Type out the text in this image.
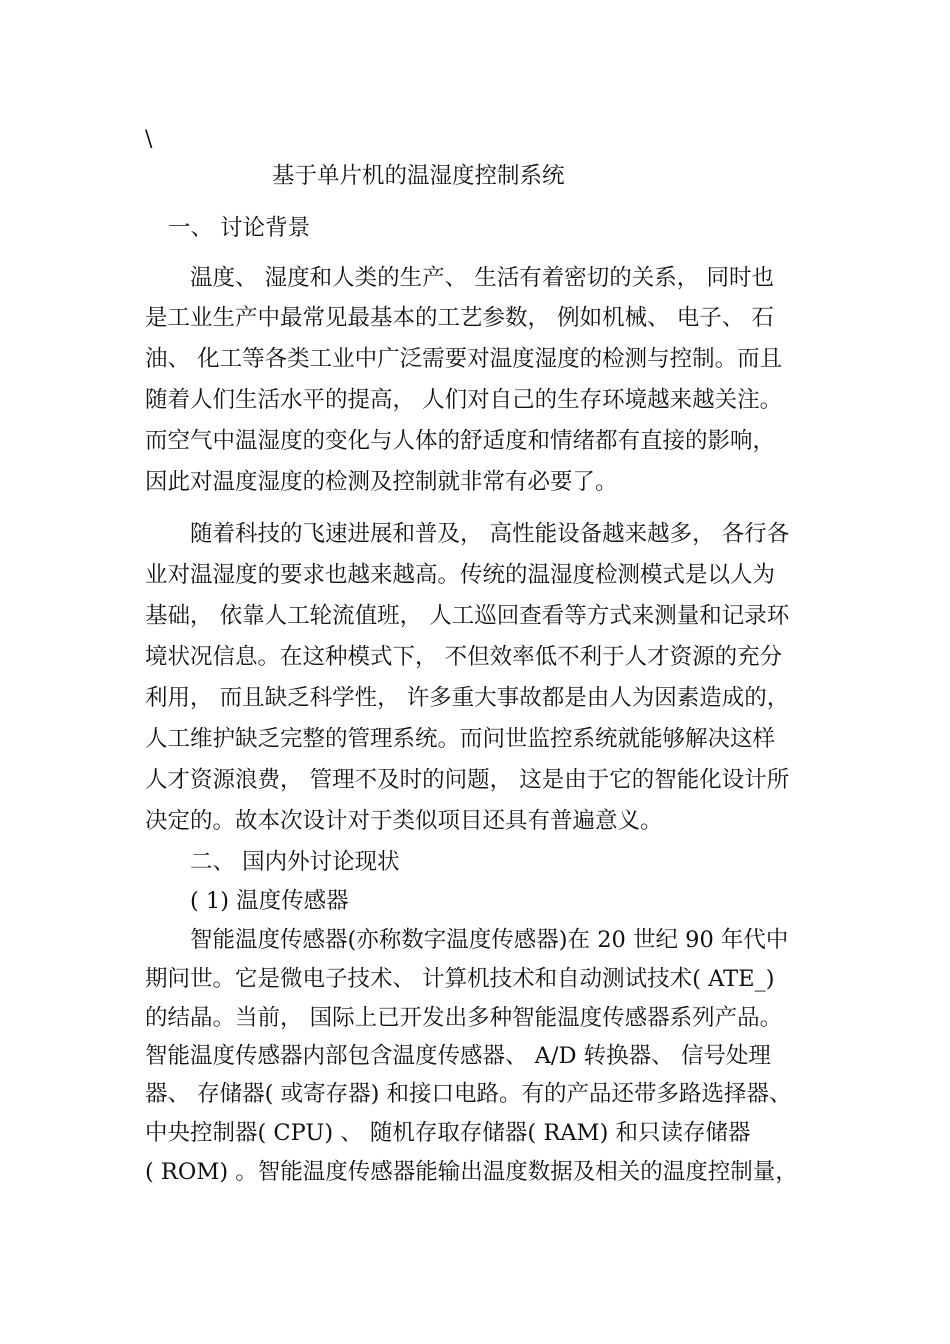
\
基于单片机的温湿度控制系统
一、 讨论背景
温度、 湿度和人类的生产、 生活有着密切的关系， 同时也
是工业生产中最常见最基本的工艺参数， 例如机械、 电子、 石
油、 化工等各类工业中广泛需要对温度湿度的检测与控制。而且
随着人们生活水平的提高， 人们对自己的生存环境越来越关注。
而空气中温湿度的变化与人体的舒适度和情绪都有直接的影响，
因此对温度湿度的检测及控制就非常有必要了。
随着科技的飞速进展和普及， 高性能设备越来越多， 各行各
业对温湿度的要求也越来越高。传统的温湿度检测模式是以人为
基础， 依靠人工轮流值班， 人工巡回查看等方式来测量和记录环
境状况信息。在这种模式下， 不但效率低不利于人才资源的充分
利用， 而且缺乏科学性， 许多重大事故都是由人为因素造成的，
人工维护缺乏完整的管理系统。而问世监控系统就能够解决这样
人才资源浪费， 管理不及时的问题， 这是由于它的智能化设计所
决定的。故本次设计对于类似项目还具有普遍意义。
二、 国内外讨论现状
( 1) 温度传感器
智能温度传感器(亦称数字温度传感器)在 20 世纪 90 年代中
期问世。它是微电子技术、 计算机技术和自动测试技术( ATE_)
的结晶。当前， 国际上已开发出多种智能温度传感器系列产品。
智能温度传感器内部包含温度传感器、 A/D 转换器、 信号处理
器、 存储器( 或寄存器) 和接口电路。有的产品还带多路选择器、
中央控制器( CPU) 、 随机存取存储器( RAM) 和只读存储器
( ROM) 。智能温度传感器能输出温度数据及相关的温度控制量，
